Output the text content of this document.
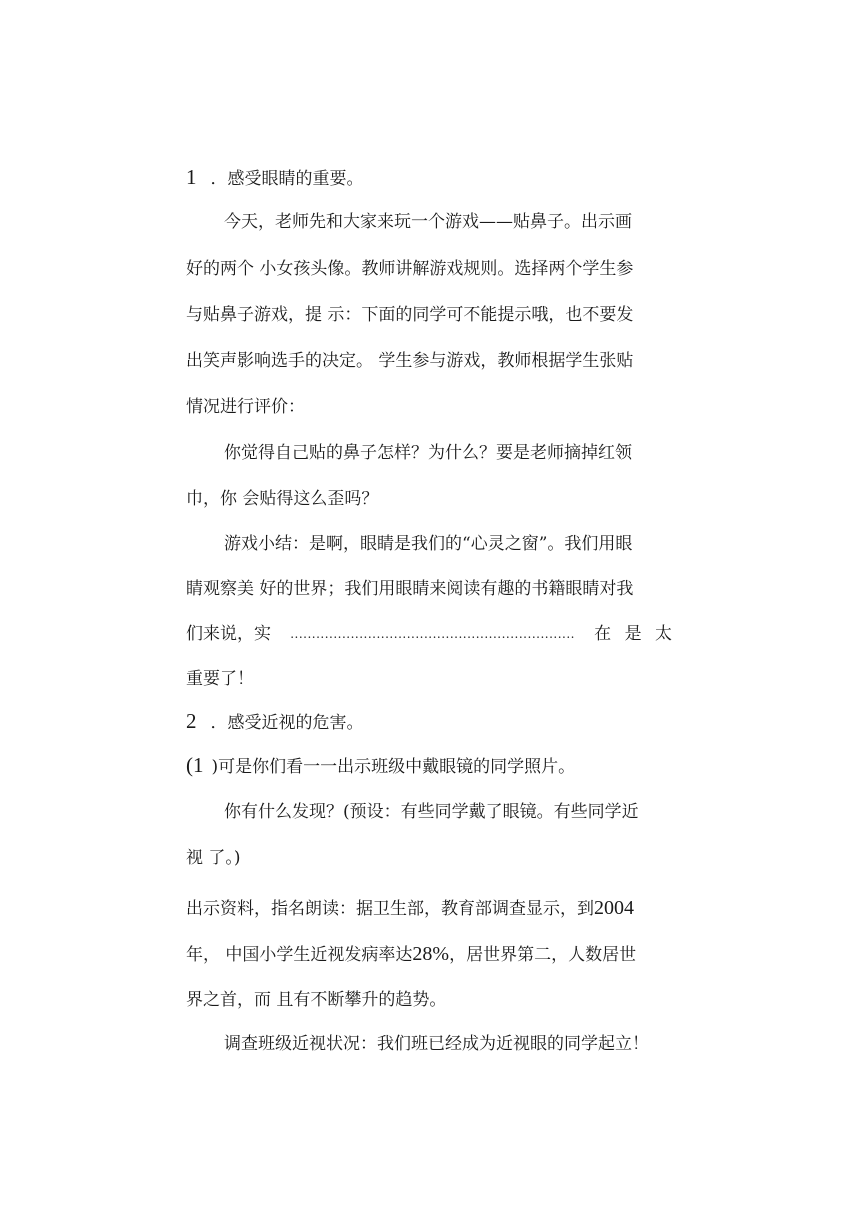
1 ．感受眼睛的重要。
今天，老师先和大家来玩一个游戏——贴鼻子。出示画
好的两个 小女孩头像。教师讲解游戏规则。选择两个学生参
与贴鼻子游戏，提 示：下面的同学可不能提示哦，也不要发
出笑声影响选手的决定。 学生参与游戏，教师根据学生张贴
情况进行评价：
你觉得自己贴的鼻子怎样？为什么？要是老师摘掉红领
巾，你 会贴得这么歪吗？
游戏小结：是啊，眼睛是我们的“心灵之窗”。我们用眼
睛观察美 好的世界；我们用眼睛来阅读有趣的书籍眼睛对我
们来说，实 .................................................................. 在 是 太
重要了！
2 ．感受近视的危害。
(1 )可是你们看一一出示班级中戴眼镜的同学照片。
你有什么发现？(预设：有些同学戴了眼镜。有些同学近
视 了。)
出示资料，指名朗读：据卫生部，教育部调查显示，到2004
年， 中国小学生近视发病率达28%，居世界第二，人数居世
界之首，而 且有不断攀升的趋势。
调查班级近视状况：我们班已经成为近视眼的同学起立！
